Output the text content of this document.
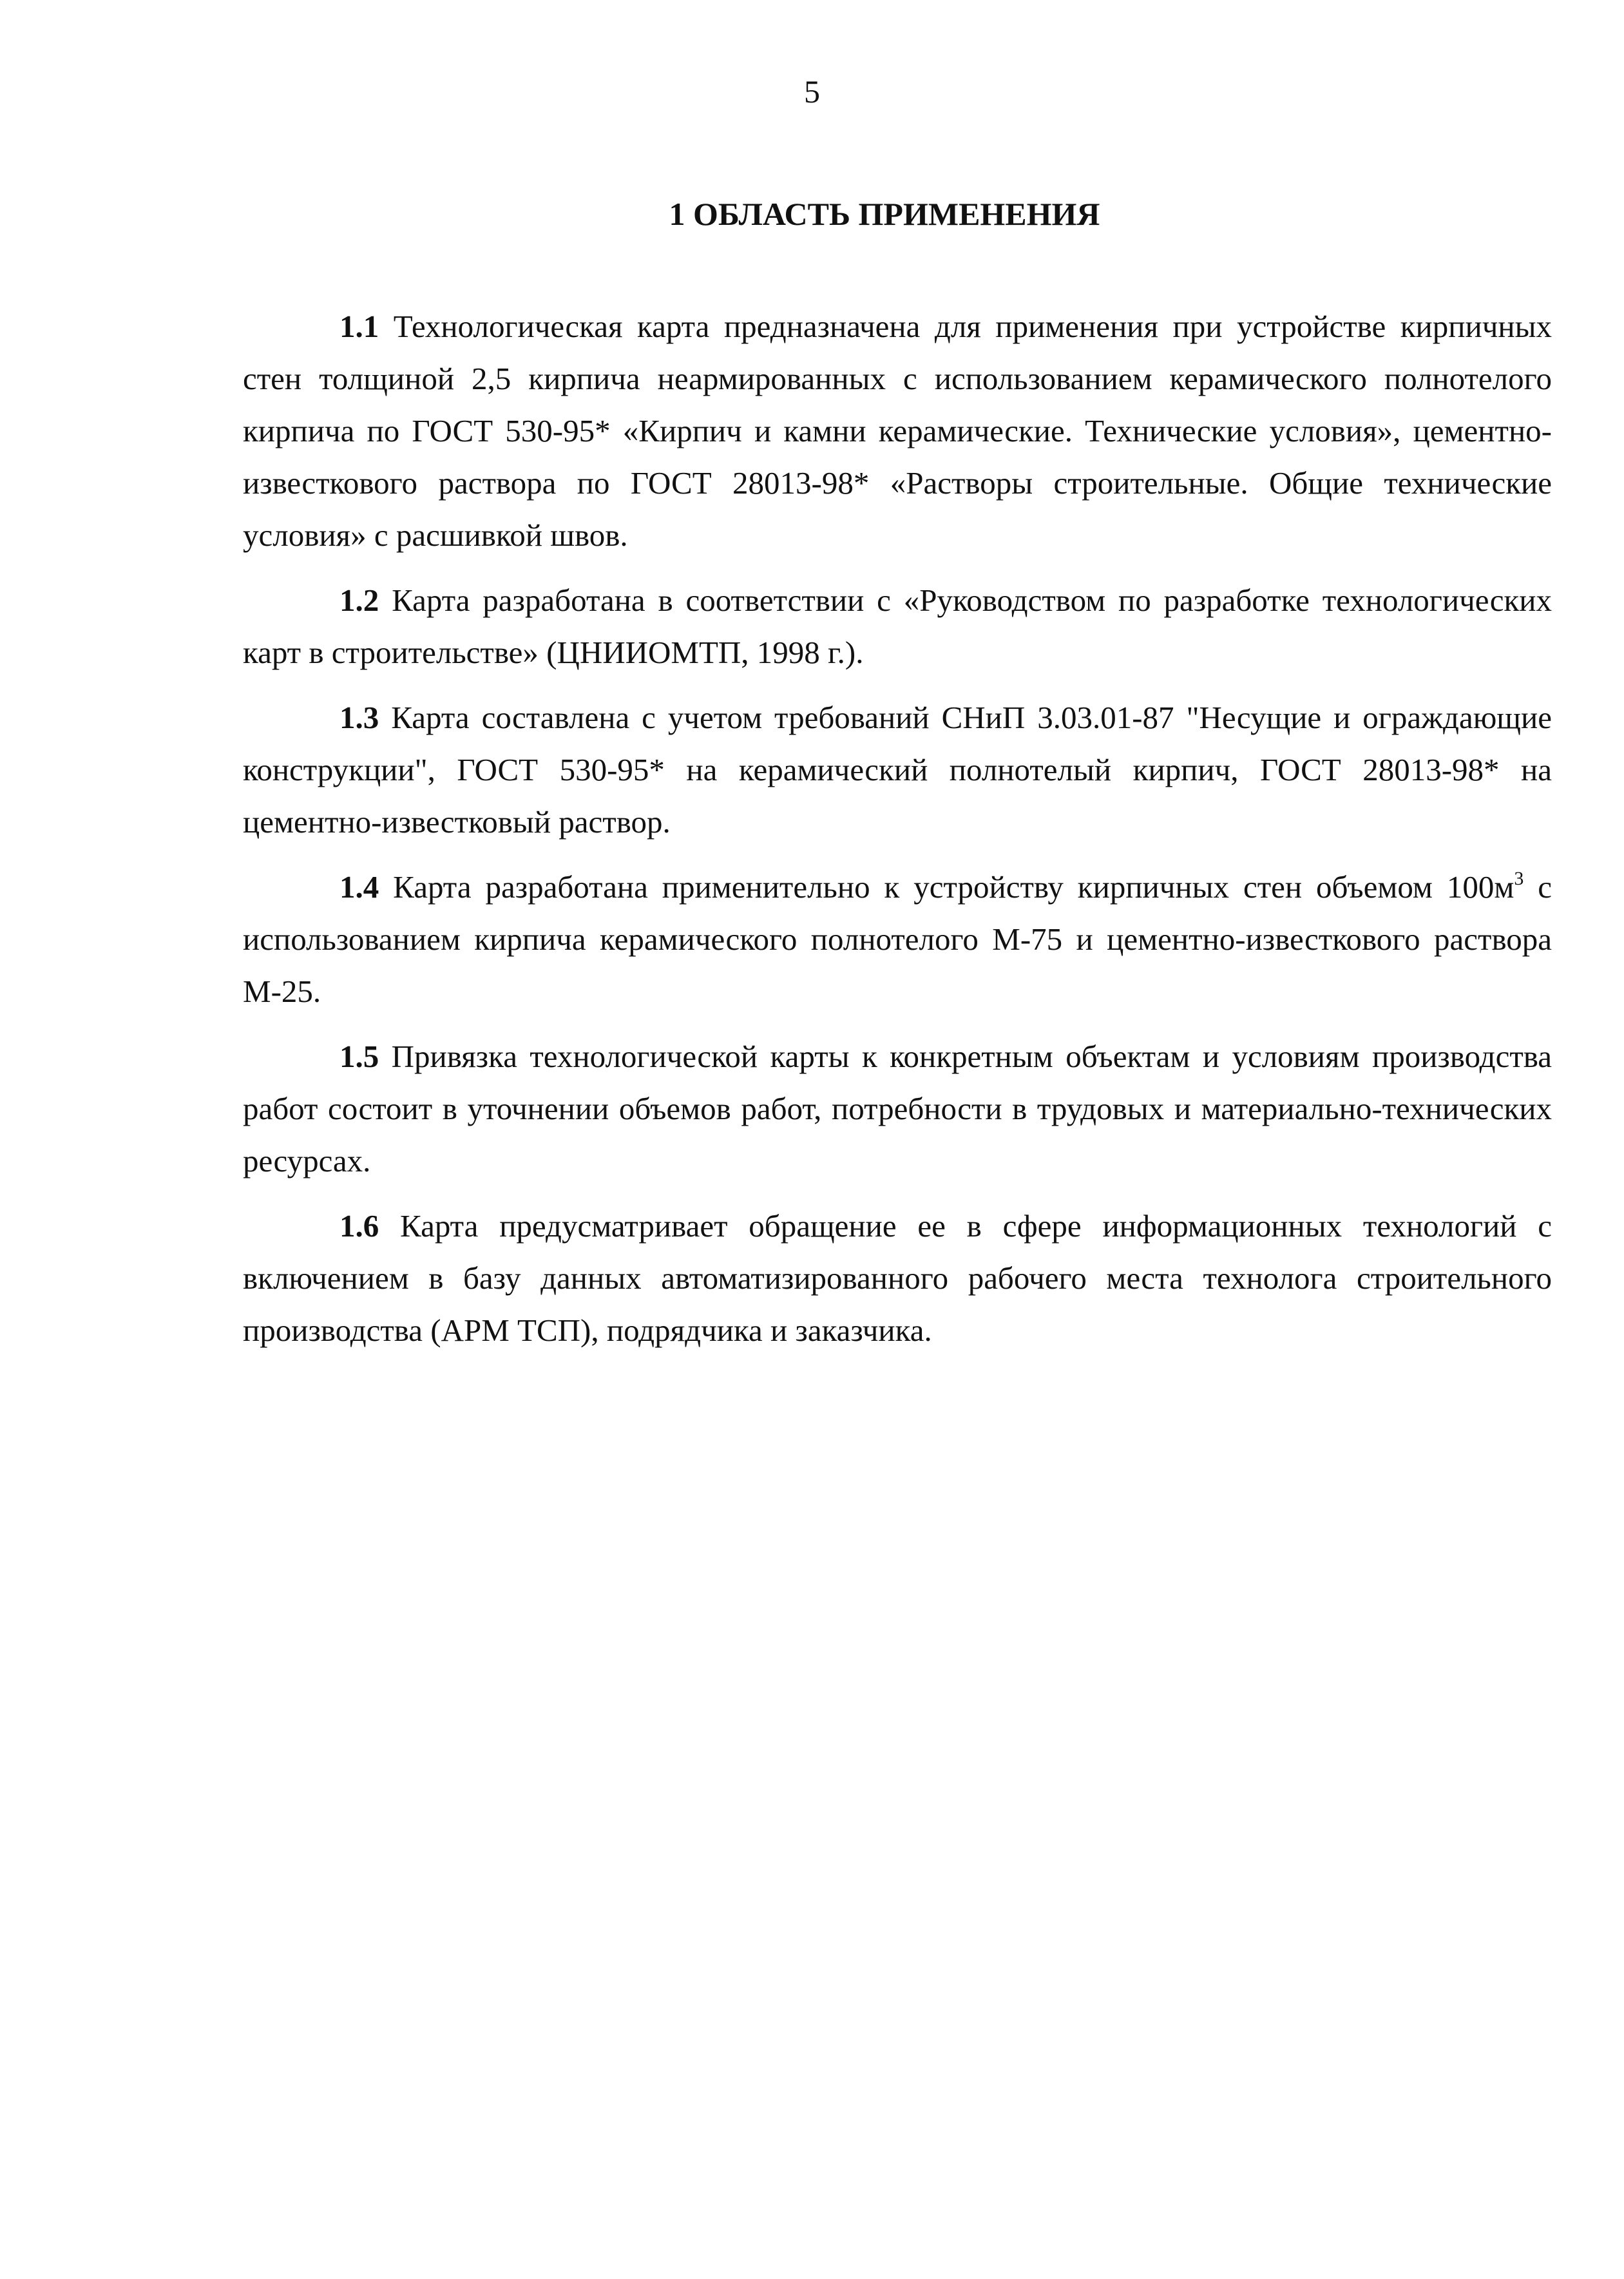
5
1 ОБЛАСТЬ ПРИМЕНЕНИЯ

1.1 Технологическая карта предназначена для применения при устройстве кирпичных стен толщиной 2,5 кирпича неармированных с использованием керамического полнотелого кирпича по ГОСТ 530-95* «Кирпич и камни керамические. Технические условия», цементно-известкового раствора по ГОСТ 28013-98* «Растворы строительные. Общие технические условия» с расшивкой швов.

1.2 Карта разработана в соответствии с «Руководством по разработке технологических карт в строительстве» (ЦНИИОМТП, 1998 г.).

1.3 Карта составлена с учетом требований СНиП 3.03.01-87 "Несущие и ограждающие конструкции", ГОСТ 530-95* на керамический полнотелый кирпич, ГОСТ 28013-98* на цементно-известковый раствор.

1.4 Карта разработана применительно к устройству кирпичных стен объемом $100м^3$ с использованием кирпича керамического полнотелого М-75 и цементно-известкового раствора М-25.

1.5 Привязка технологической карты к конкретным объектам и условиям производства работ состоит в уточнении объемов работ, потребности в трудовых и материально-технических ресурсах.

1.6 Карта предусматривает обращение ее в сфере информационных технологий с включением в базу данных автоматизированного рабочего места технолога строительного производства (АРМ ТСП), подрядчика и заказчика.
